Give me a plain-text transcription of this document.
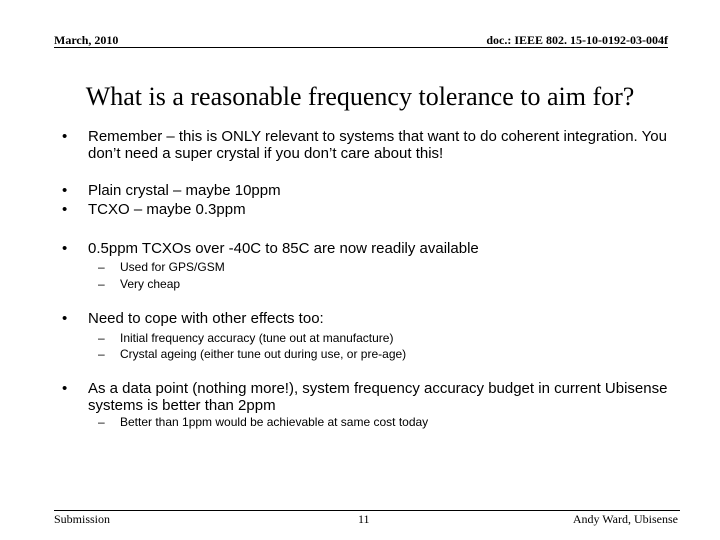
March, 2010	doc.: IEEE 802. 15-10-0192-03-004f
What is a reasonable frequency tolerance to aim for?
• Remember – this is ONLY relevant to systems that want to do coherent integration. You don’t need a super crystal if you don’t care about this!
• Plain crystal – maybe 10ppm
• TCXO – maybe 0.3ppm
• 0.5ppm TCXOs over -40C to 85C are now readily available
– Used for GPS/GSM
– Very cheap
• Need to cope with other effects too:
– Initial frequency accuracy (tune out at manufacture)
– Crystal ageing (either tune out during use, or pre-age)
• As a data point (nothing more!), system frequency accuracy budget in current Ubisense systems is better than 2ppm
– Better than 1ppm would be achievable at same cost today
Submission	11	Andy Ward, Ubisense
